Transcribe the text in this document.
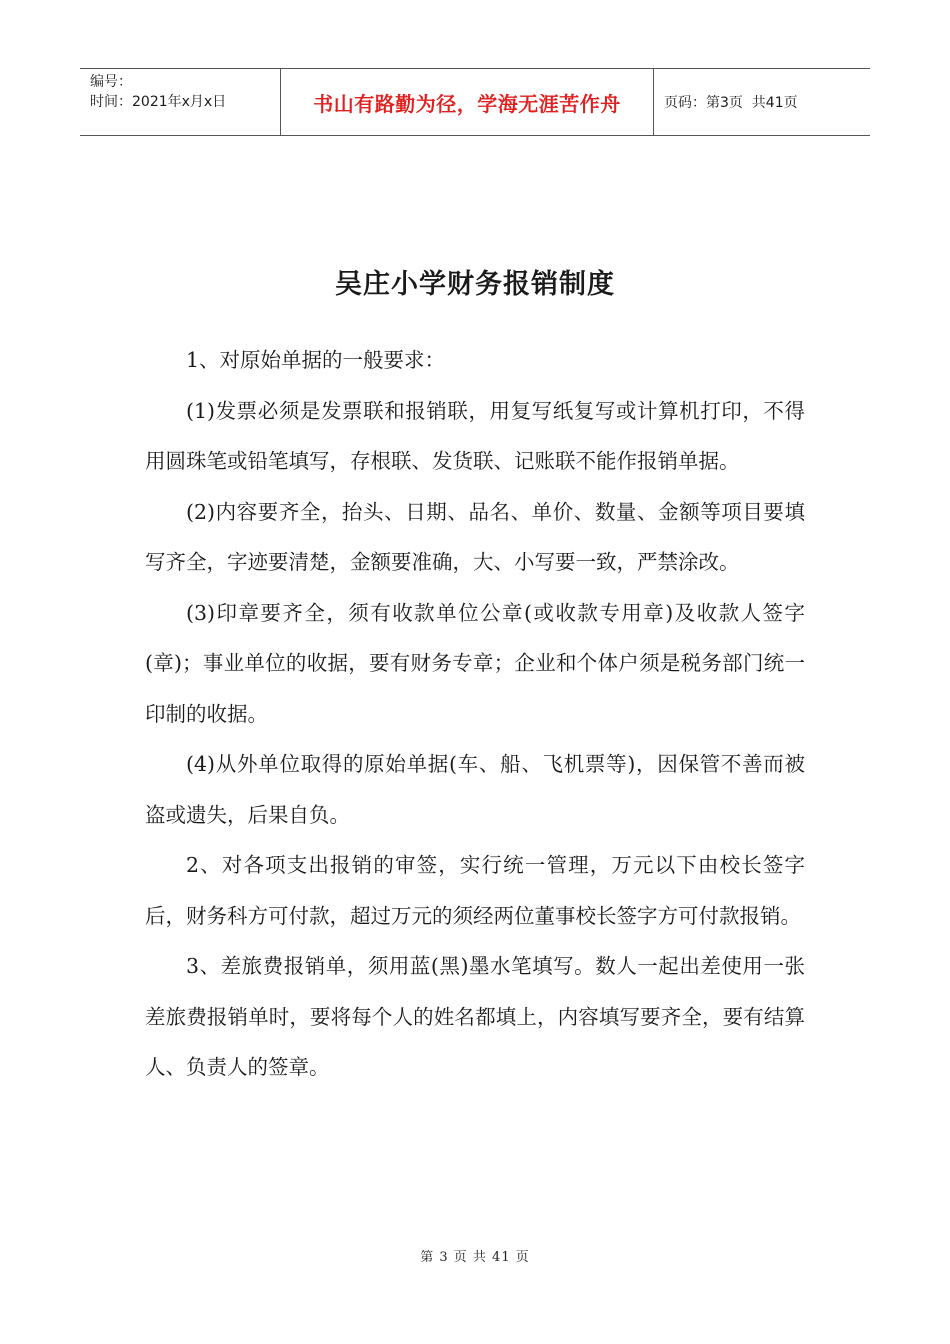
编号：
时间：2021年x月x日	书山有路勤为径，学海无涯苦作舟	页码：第3页  共41页
吴庄小学财务报销制度

1、对原始单据的一般要求：

(1)发票必须是发票联和报销联，用复写纸复写或计算机打印，不得用圆珠笔或铅笔填写，存根联、发货联、记账联不能作报销单据。

(2)内容要齐全，抬头、日期、品名、单价、数量、金额等项目要填写齐全，字迹要清楚，金额要准确，大、小写要一致，严禁涂改。

(3)印章要齐全，须有收款单位公章(或收款专用章)及收款人签字(章)；事业单位的收据，要有财务专章；企业和个体户须是税务部门统一印制的收据。

(4)从外单位取得的原始单据(车、船、飞机票等)，因保管不善而被盗或遗失，后果自负。

2、对各项支出报销的审签，实行统一管理，万元以下由校长签字后，财务科方可付款，超过万元的须经两位董事校长签字方可付款报销。

3、差旅费报销单，须用蓝(黑)墨水笔填写。数人一起出差使用一张差旅费报销单时，要将每个人的姓名都填上，内容填写要齐全，要有结算人、负责人的签章。

第 3 页 共 41 页
